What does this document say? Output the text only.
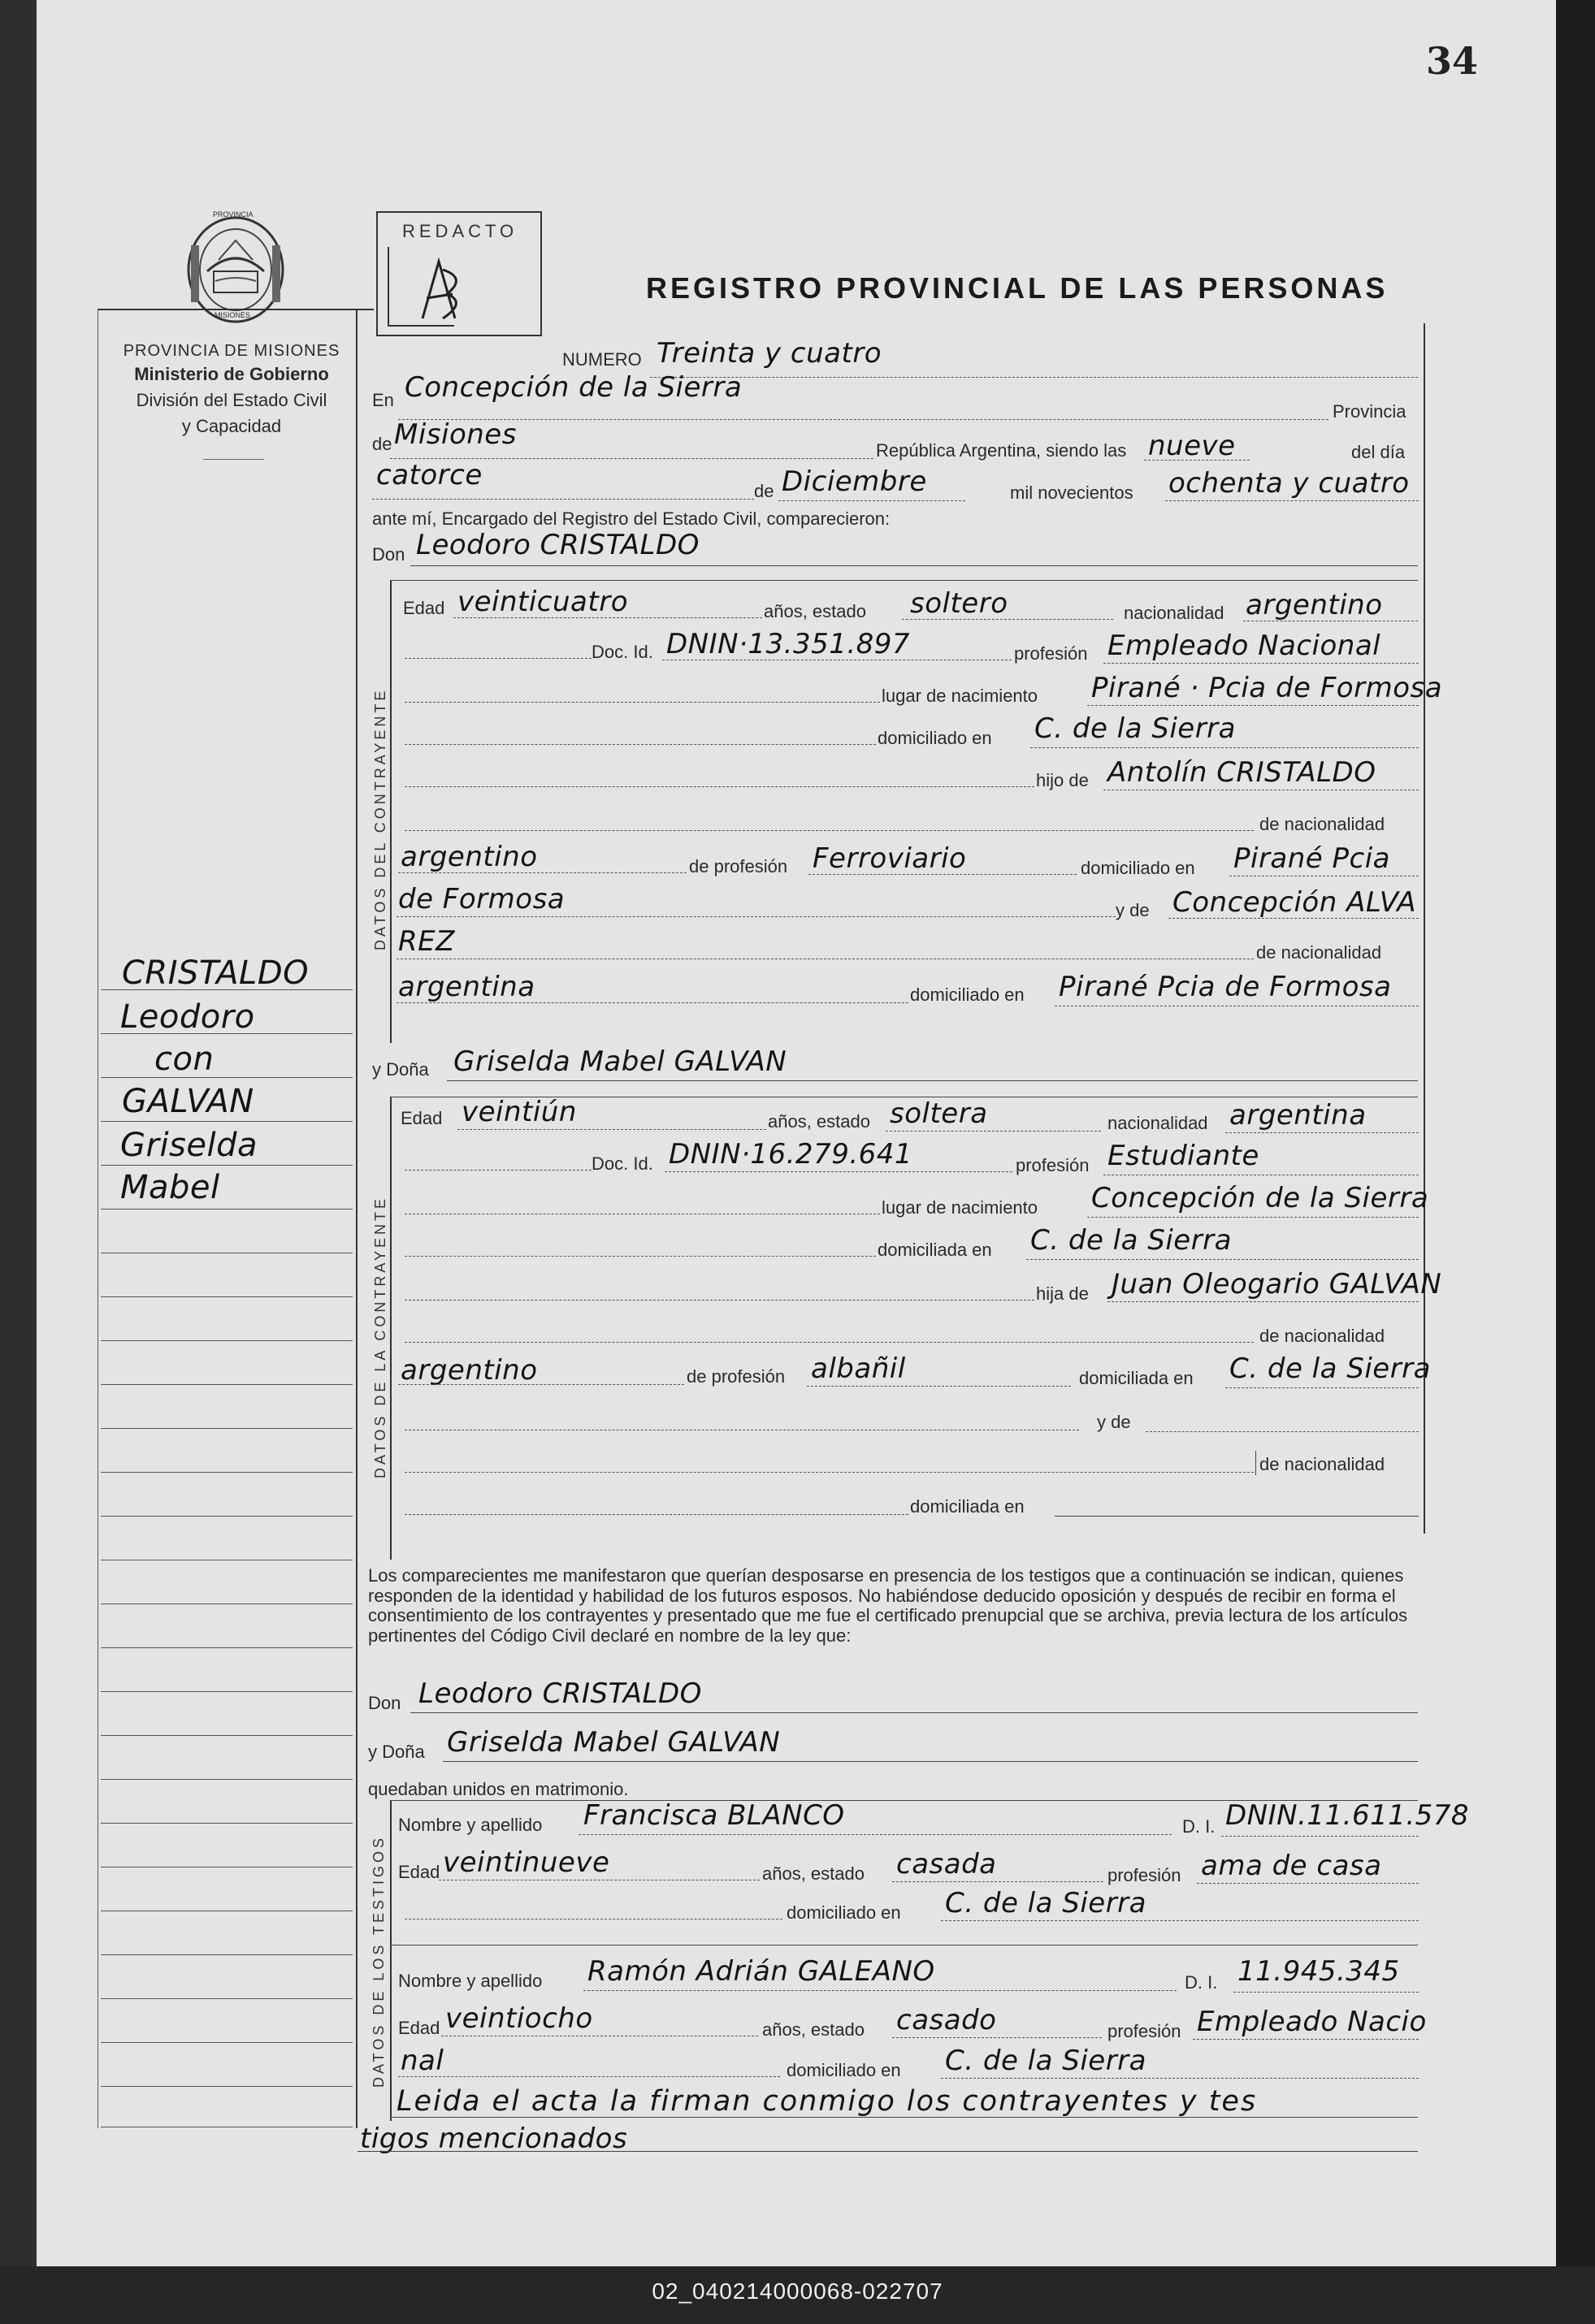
02_040214000068-022707
34
PROVINCIA
MISIONES
PROVINCIA DE MISIONES
Ministerio de Gobierno
División del Estado Civil
y Capacidad
REDACTO
REGISTRO PROVINCIAL DE LAS PERSONAS
CRISTALDO
Leodoro
con
GALVAN
Griselda
Mabel
NUMERO Treinta y cuatro
En Concepción de la Sierra
Provincia
de Misiones	República Argentina, siendo las nueve	del día
catorce	de Diciembre	mil novecientos ochenta y cuatro
ante mí, Encargado del Registro del Estado Civil, comparecieron:
Don Leodoro CRISTALDO
DATOS DEL CONTRAYENTE
Edad veinticuatro	años, estado soltero	nacionalidad argentino
Doc. Id. DNIN·13.351.897	profesión Empleado Nacional
lugar de nacimiento Pirané · Pcia de Formosa
domiciliado en C. de la Sierra
hijo de Antolín CRISTALDO
de nacionalidad
argentino	de profesión Ferroviario	domiciliado en Pirané Pcia
de Formosa	y de Concepción ALVA
REZ	de nacionalidad
argentina	domiciliado en Pirané Pcia de Formosa
y Doña Griselda Mabel GALVAN
DATOS DE LA CONTRAYENTE
Edad veintiún	años, estado soltera	nacionalidad argentina
Doc. Id. DNIN·16.279.641	profesión Estudiante
lugar de nacimiento Concepción de la Sierra
domiciliada en C. de la Sierra
hija de Juan Oleogario GALVAN
de nacionalidad
argentino	de profesión albañil	domiciliada en C. de la Sierra
y de
de nacionalidad
domiciliada en
Los comparecientes me manifestaron que querían desposarse en presencia de los testigos que a continuación se indican, quienes responden de la identidad y habilidad de los futuros esposos. No habiéndose deducido oposición y después de recibir en forma el consentimiento de los contrayentes y presentado que me fue el certificado prenupcial que se archiva, previa lectura de los artículos pertinentes del Código Civil declaré en nombre de la ley que:
Don Leodoro CRISTALDO
y Doña Griselda Mabel GALVAN
quedaban unidos en matrimonio.
DATOS DE LOS TESTIGOS
Nombre y apellido Francisca BLANCO	D. I. DNIN.11.611.578
Edad veintinueve	años, estado casada	profesión ama de casa
domiciliado en C. de la Sierra
Nombre y apellido Ramón Adrián GALEANO	D. I. 11.945.345
Edad veintiocho	años, estado casado	profesión Empleado Nacio
nal	domiciliado en C. de la Sierra
Leida el acta la firman conmigo los contrayentes y tes
tigos mencionados
